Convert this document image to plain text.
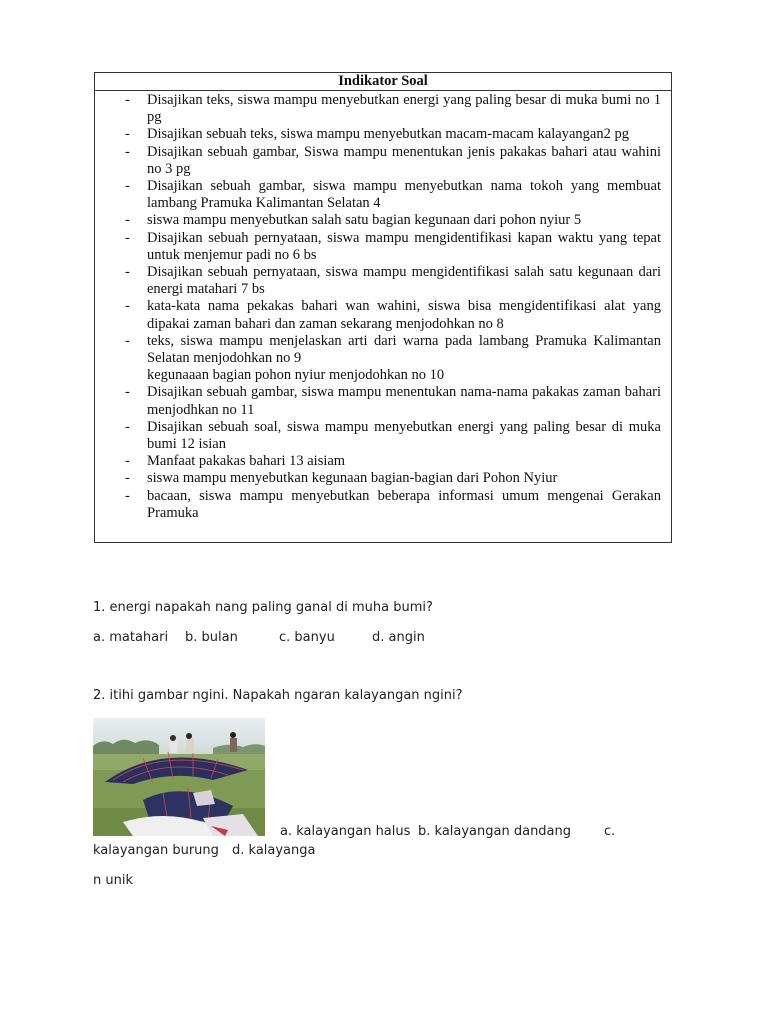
Indikator Soal
- Disajikan teks, siswa mampu menyebutkan energi yang paling besar di muka bumi no 1 pg
- Disajikan sebuah teks, siswa mampu menyebutkan macam-macam kalayangan2 pg
- Disajikan sebuah gambar, Siswa mampu menentukan jenis pakakas bahari atau wahini no 3 pg
- Disajikan sebuah gambar, siswa mampu menyebutkan nama tokoh yang membuat lambang Pramuka Kalimantan Selatan 4
- siswa mampu menyebutkan salah satu bagian kegunaan dari pohon nyiur 5
- Disajikan sebuah pernyataan, siswa mampu mengidentifikasi kapan waktu yang tepat untuk menjemur padi no 6 bs
- Disajikan sebuah pernyataan, siswa mampu mengidentifikasi salah satu kegunaan dari energi matahari 7 bs
- kata-kata nama pekakas bahari wan wahini, siswa bisa mengidentifikasi alat yang dipakai zaman bahari dan zaman sekarang menjodohkan no 8
- teks, siswa mampu menjelaskan arti dari warna pada lambang Pramuka Kalimantan Selatan menjodohkan no 9
kegunaaan bagian pohon nyiur menjodohkan no 10
- Disajikan sebuah gambar, siswa mampu menentukan nama-nama pakakas zaman bahari menjodhkan no 11
- Disajikan sebuah soal, siswa mampu menyebutkan energi yang paling besar di muka bumi 12 isian
- Manfaat pakakas bahari 13 aisiam
- siswa mampu menyebutkan kegunaan bagian-bagian dari Pohon Nyiur
- bacaan, siswa mampu menyebutkan beberapa informasi umum mengenai Gerakan Pramuka
1. energi napakah nang paling ganal di muha bumi?
a. matahari b. bulan	c. banyu	d. angin
2. itihi gambar ngini. Napakah ngaran kalayangan ngini?
a. kalayangan halus b. kalayangan dandang	c.
kalayangan burung d. kalayanga
n unik
